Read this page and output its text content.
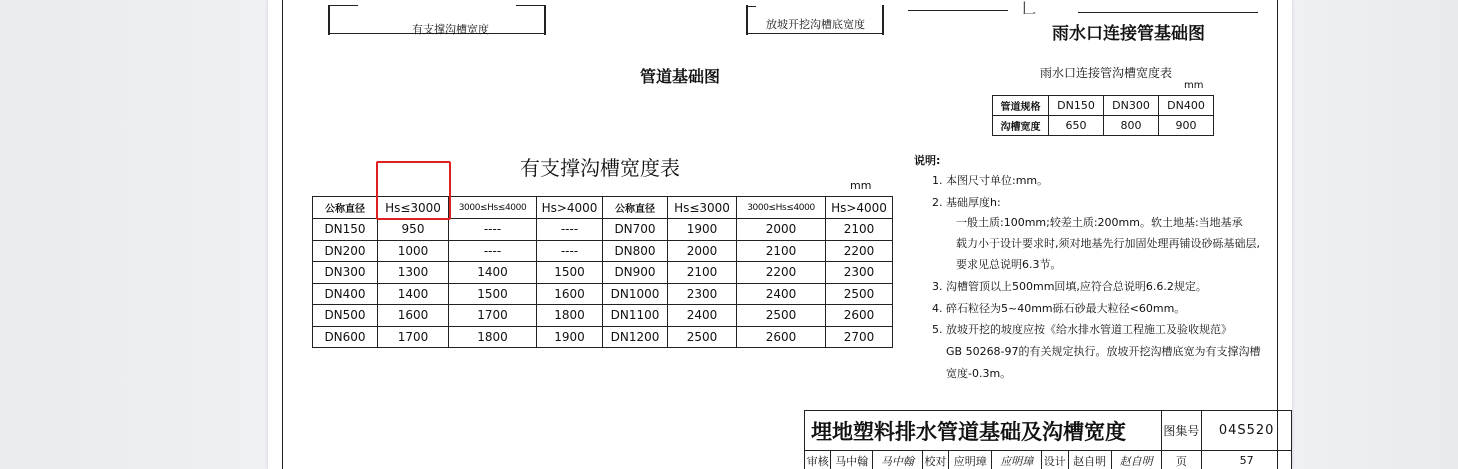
有支撑沟槽宽度	放坡开挖沟槽底宽度
𠃊
雨水口连接管基础图
管道基础图	雨水口连接管沟槽宽度表
mm
管道规格	DN150	DN300	DN400
沟槽宽度	650	800	900
有支撑沟槽宽度表
mm
公称直径	Hs≤3000	3000≤Hs≤4000	Hs>4000	公称直径	Hs≤3000	3000≤Hs≤4000	Hs>4000
DN150	950	----	----	DN700	1900	2000	2100
DN200	1000	----	----	DN800	2000	2100	2200
DN300	1300	1400	1500	DN900	2100	2200	2300
DN400	1400	1500	1600	DN1000	2300	2400	2500
DN500	1600	1700	1800	DN1100	2400	2500	2600
DN600	1700	1800	1900	DN1200	2500	2600	2700
说明:
1. 本图尺寸单位:mm。
2. 基础厚度h:
一般土质:100mm;较差土质:200mm。软土地基:当地基承
载力小于设计要求时,须对地基先行加固处理再铺设砂砾基础层,
要求见总说明6.3节。
3. 沟槽管顶以上500mm回填,应符合总说明6.6.2规定。
4. 碎石粒径为5~40mm砾石砂最大粒径<60mm。
5. 放坡开挖的坡度应按《给水排水管道工程施工及验收规范》
GB 50268-97的有关规定执行。放坡开挖沟槽底宽为有支撑沟槽
宽度-0.3m。
埋地塑料排水管道基础及沟槽宽度									图集号	04S520
审核	马中翰	马中翰	校对	应明璋	应明璋	设计	赵自明	赵自明	页	57
